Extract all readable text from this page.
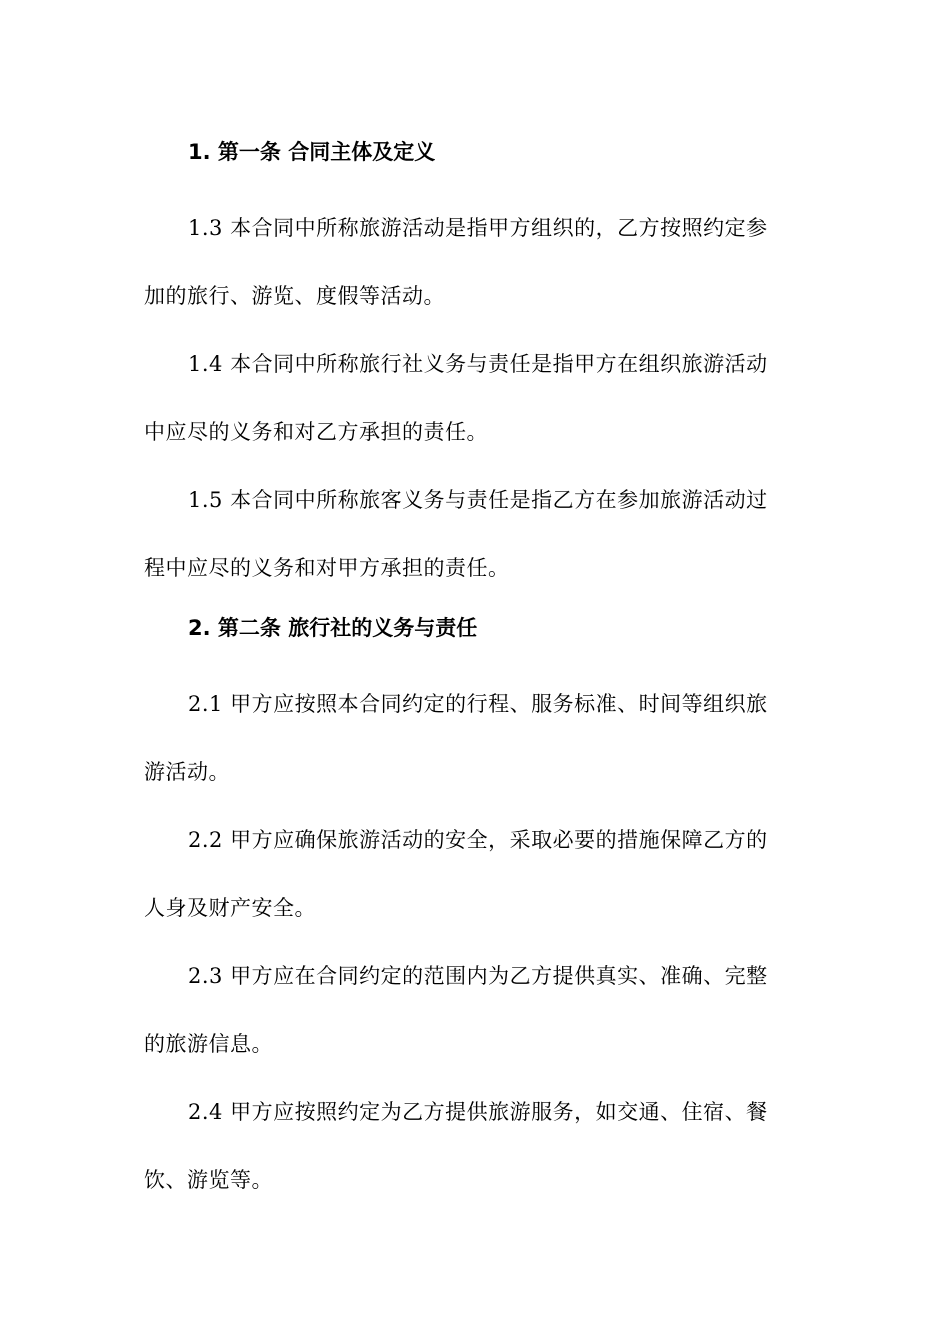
1. 第一条 合同主体及定义

1.3 本合同中所称旅游活动是指甲方组织的，乙方按照约定参
加的旅行、游览、度假等活动。

1.4 本合同中所称旅行社义务与责任是指甲方在组织旅游活动
中应尽的义务和对乙方承担的责任。

1.5 本合同中所称旅客义务与责任是指乙方在参加旅游活动过
程中应尽的义务和对甲方承担的责任。

2. 第二条 旅行社的义务与责任

2.1 甲方应按照本合同约定的行程、服务标准、时间等组织旅
游活动。

2.2 甲方应确保旅游活动的安全，采取必要的措施保障乙方的
人身及财产安全。

2.3 甲方应在合同约定的范围内为乙方提供真实、准确、完整
的旅游信息。

2.4 甲方应按照约定为乙方提供旅游服务，如交通、住宿、餐
饮、游览等。
